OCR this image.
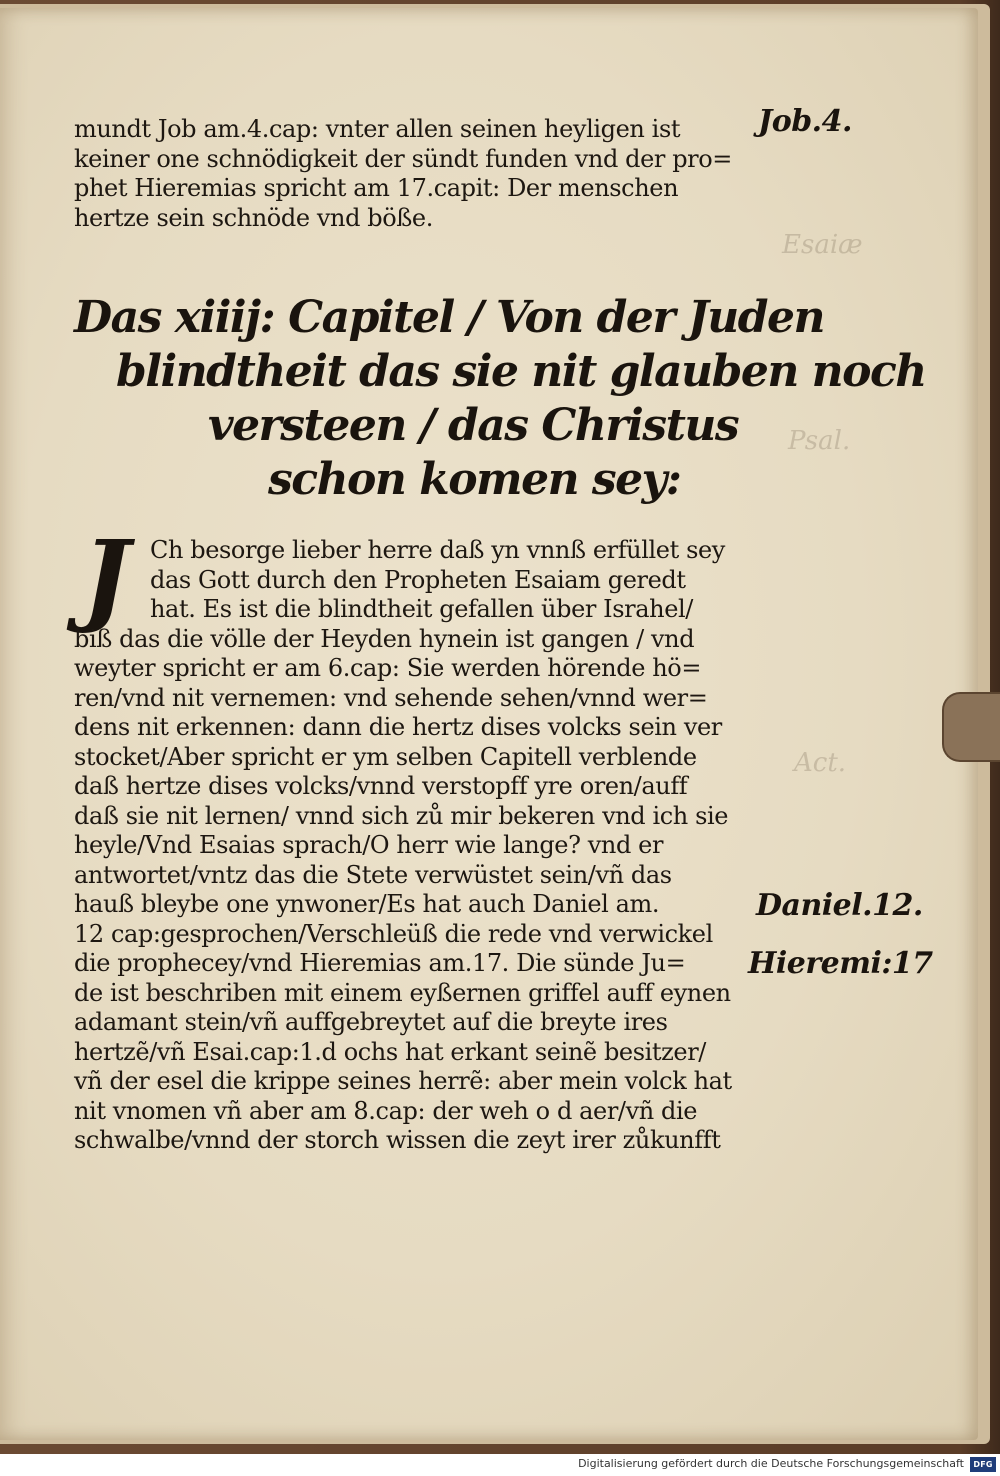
Esaiæ
Psal.
Act.
mundt Job am.4.cap: vnter allen seinen heyligen ist
keiner one schnödigkeit der sündt funden vnd der pro=
phet Hieremias spricht am 17.capit: Der menschen
hertze sein schnöde vnd böße.
Das xiiij: Capitel / Von der Juden
blindtheit das sie nit glauben noch
versteen / das Christus
schon komen sey:
J Ch besorge lieber herre daß yn vnnß erfüllet sey
das Gott durch den Propheten Esaiam geredt
hat. Es ist die blindtheit gefallen über Israhel/
biß das die völle der Heyden hynein ist gangen / vnd
weyter spricht er am 6.cap: Sie werden hörende hö=
ren/vnd nit vernemen: vnd sehende sehen/vnnd wer=
dens nit erkennen: dann die hertz dises volcks sein ver
stocket/Aber spricht er ym selben Capitell verblende
daß hertze dises volcks/vnnd verstopff yre oren/auff
daß sie nit lernen/ vnnd sich zů mir bekeren vnd ich sie
heyle/Vnd Esaias sprach/O herr wie lange? vnd er
antwortet/vntz das die Stete verwüstet sein/vñ das
hauß bleybe one ynwoner/Es hat auch Daniel am.
12 cap:gesprochen/Verschleüß die rede vnd verwickel
die prophecey/vnd Hieremias am.17. Die sünde Ju=
de ist beschriben mit einem eyßernen griffel auff eynen
adamant stein/vñ auffgebreytet auf die breyte ires
hertzẽ/vñ Esai.cap:1.d ochs hat erkant seinẽ besitzer/
vñ der esel die krippe seines herrẽ: aber mein volck hat
nit vnomen vñ aber am 8.cap: der weh o d aer/vñ die
schwalbe/vnnd der storch wissen die zeyt irer zůkunfft
Job.4.
Daniel.12.
Hieremi:17
Digitalisierung gefördert durch die Deutsche Forschungsgemeinschaft	DFG
